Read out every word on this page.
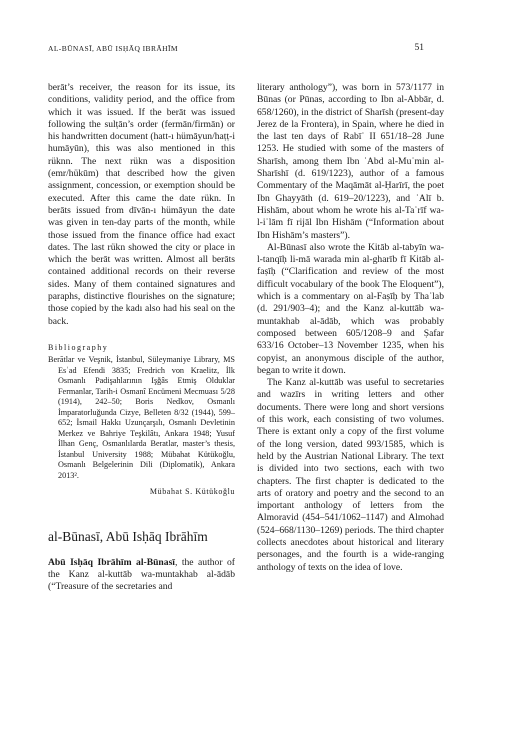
AL-BŪNASĪ, ABŪ ISḤĀQ IBRĀHĪM	51

berāt’s receiver, the reason for its issue, its conditions, validity period, and the office from which it was issued. If the berāt was issued following the sulṭān’s order (fermān/firmān) or his handwritten document (hatt-ı hümāyun/haṭṭ-i humāyūn), this was also mentioned in this rüknn. The next rükn was a disposition (emr/hükūm) that described how the given assignment, concession, or exemption should be executed. After this came the date rükn. In berāts issued from dīvān-ı hümāyun the date was given in ten-day parts of the month, while those issued from the finance office had exact dates. The last rükn showed the city or place in which the berāt was written. Almost all berāts contained additional records on their reverse sides. Many of them contained signatures and paraphs, distinctive flourishes on the signature; those copied by the kadı also had his seal on the back.

Bibliography

Berātlar ve Veşnik, İstanbul, Süleymaniye Library, MS Esʿad Efendi 3835; Fredrich von Kraelitz, İlk Osmanlı Padişahlarının Işğâs Etmiş Olduklar Fermanlar, Tarih-i Osmanî Encümeni Mecmuası 5/28 (1914), 242–50; Boris Nedkov, Osmanlı İmparatorluğunda Cizye, Belleten 8/32 (1944), 599–652; İsmail Hakkı Uzunçarşılı, Osmanlı Devletinin Merkez ve Bahriye Teşkilâtı, Ankara 1948; Yusuf İlhan Genç, Osmanlılarda Beratlar, master’s thesis, İstanbul University 1988; Mübahat Kütükoğlu, Osmanlı Belgelerinin Dili (Diplomatik), Ankara 2013².

Mübahat S. Kütükoğlu

al-Būnasī, Abū Isḥāq Ibrāhīm

Abū Isḥāq Ibrāhīm al-Būnasī, the author of the Kanz al-kuttāb wa-muntakhab al-ādāb (“Treasure of the secretaries and

literary anthology”), was born in 573/1177 in Būnas (or Pūnas, according to Ibn al-Abbār, d. 658/1260), in the district of Sharīsh (present-day Jerez de la Frontera), in Spain, where he died in the last ten days of Rabīʿ II 651/18–28 June 1253. He studied with some of the masters of Sharīsh, among them Ibn ʿAbd al-Muʾmin al-Sharīshī (d. 619/1223), author of a famous Commentary of the Maqāmāt al-Ḥarīrī, the poet Ibn Ghayyāth (d. 619–20/1223), and ʿAlī b. Hishām, about whom he wrote his al-Taʿrīf wa-l-iʿlām fī rijāl Ibn Hishām (“Information about Ibn Hishām’s masters”).

Al-Būnasī also wrote the Kitāb al-tabyīn wa-l-tanqīḥ li-mā warada min al-gharīb fī Kitāb al-faṣīḥ (“Clarification and review of the most difficult vocabulary of the book The Eloquent”), which is a commentary on al-Faṣīḥ by Thaʿlab (d. 291/903–4); and the Kanz al-kuttāb wa-muntakhab al-ādāb, which was probably composed between 605/1208–9 and Ṣafar 633/16 October–13 November 1235, when his copyist, an anonymous disciple of the author, began to write it down.

The Kanz al-kuttāb was useful to secretaries and wazīrs in writing letters and other documents. There were long and short versions of this work, each consisting of two volumes. There is extant only a copy of the first volume of the long version, dated 993/1585, which is held by the Austrian National Library. The text is divided into two sections, each with two chapters. The first chapter is dedicated to the arts of oratory and poetry and the second to an important anthology of letters from the Almoravid (454–541/1062–1147) and Almohad (524–668/1130–1269) periods. The third chapter collects anecdotes about historical and literary personages, and the fourth is a wide-ranging anthology of texts on the idea of love.
